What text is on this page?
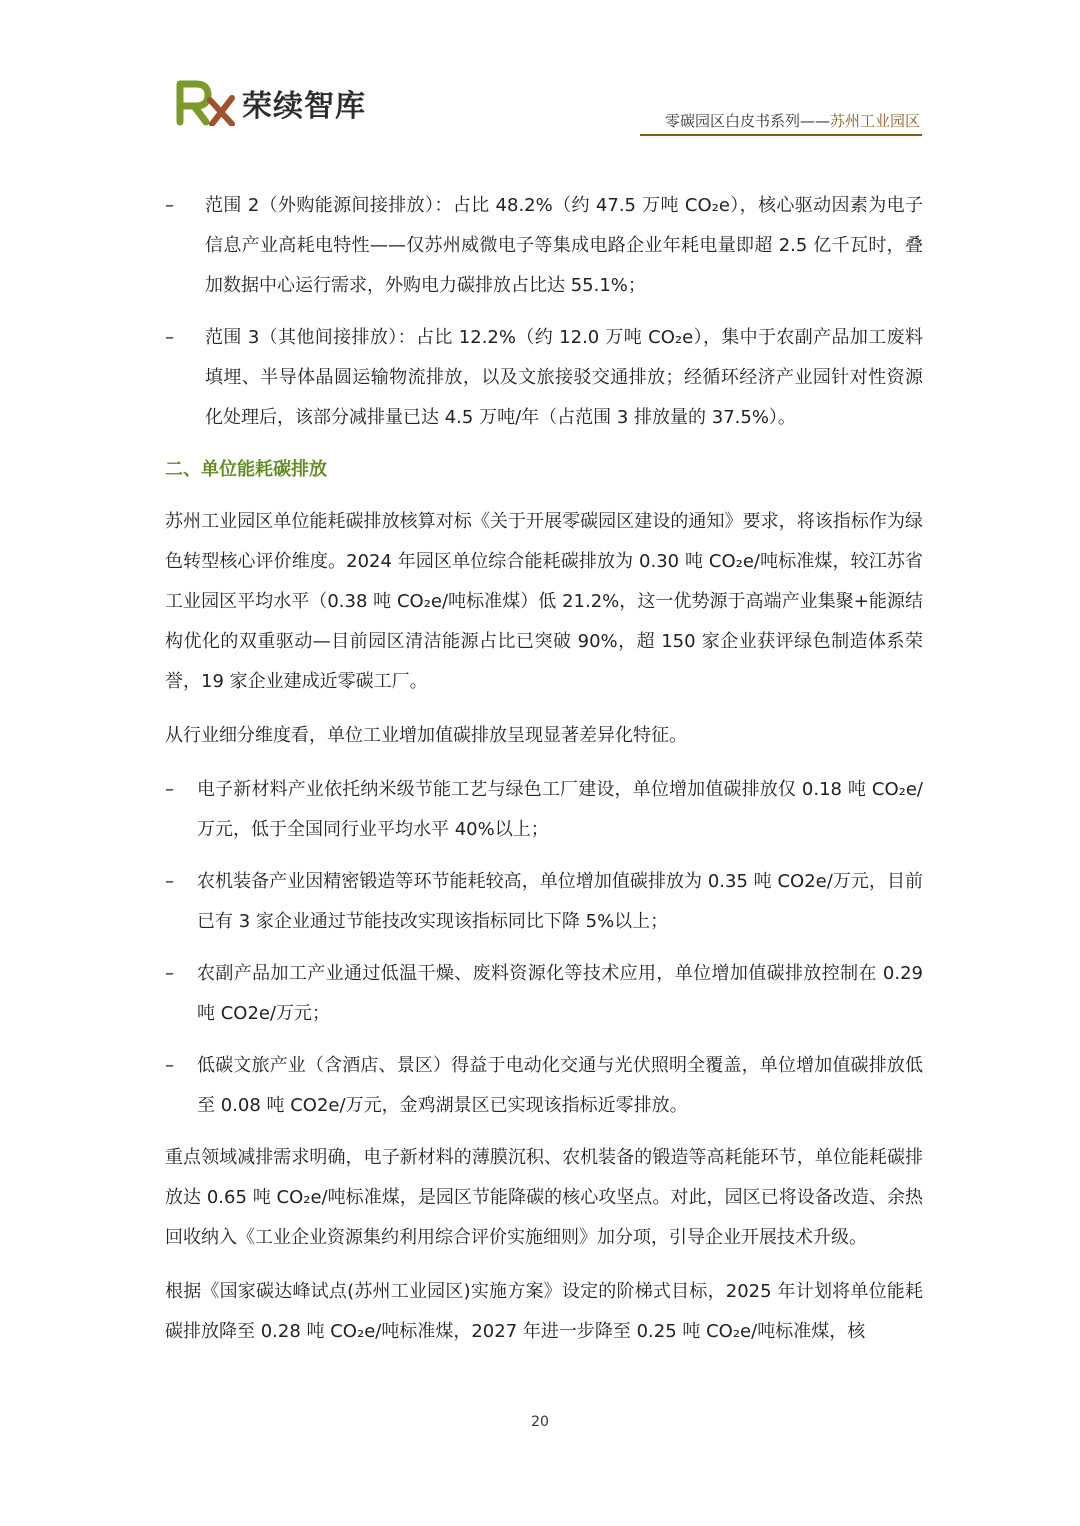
荣续智库	零碳园区白皮书系列——苏州工业园区
–	范围 2（外购能源间接排放）：占比 48.2%（约 47.5 万吨 CO₂e），核心驱动因素为电子信息产业高耗电特性——仅苏州威微电子等集成电路企业年耗电量即超 2.5 亿千瓦时，叠加数据中心运行需求，外购电力碳排放占比达 55.1%；
–	范围 3（其他间接排放）：占比 12.2%（约 12.0 万吨 CO₂e），集中于农副产品加工废料填埋、半导体晶圆运输物流排放，以及文旅接驳交通排放；经循环经济产业园针对性资源化处理后，该部分减排量已达 4.5 万吨/年（占范围 3 排放量的 37.5%）。
二、单位能耗碳排放
苏州工业园区单位能耗碳排放核算对标《关于开展零碳园区建设的通知》要求，将该指标作为绿色转型核心评价维度。2024 年园区单位综合能耗碳排放为 0.30 吨 CO₂e/吨标准煤，较江苏省工业园区平均水平（0.38 吨 CO₂e/吨标准煤）低 21.2%，这一优势源于高端产业集聚+能源结构优化的双重驱动—目前园区清洁能源占比已突破 90%，超 150 家企业获评绿色制造体系荣誉，19 家企业建成近零碳工厂。
从行业细分维度看，单位工业增加值碳排放呈现显著差异化特征。
–	电子新材料产业依托纳米级节能工艺与绿色工厂建设，单位增加值碳排放仅 0.18 吨 CO₂e/万元，低于全国同行业平均水平 40%以上；
–	农机装备产业因精密锻造等环节能耗较高，单位增加值碳排放为 0.35 吨 CO2e/万元，目前已有 3 家企业通过节能技改实现该指标同比下降 5%以上；
–	农副产品加工产业通过低温干燥、废料资源化等技术应用，单位增加值碳排放控制在 0.29 吨 CO2e/万元；
–	低碳文旅产业（含酒店、景区）得益于电动化交通与光伏照明全覆盖，单位增加值碳排放低至 0.08 吨 CO2e/万元，金鸡湖景区已实现该指标近零排放。
重点领域减排需求明确，电子新材料的薄膜沉积、农机装备的锻造等高耗能环节，单位能耗碳排放达 0.65 吨 CO₂e/吨标准煤，是园区节能降碳的核心攻坚点。对此，园区已将设备改造、余热回收纳入《工业企业资源集约利用综合评价实施细则》加分项，引导企业开展技术升级。
根据《国家碳达峰试点(苏州工业园区)实施方案》设定的阶梯式目标，2025 年计划将单位能耗碳排放降至 0.28 吨 CO₂e/吨标准煤，2027 年进一步降至 0.25 吨 CO₂e/吨标准煤，核
20
